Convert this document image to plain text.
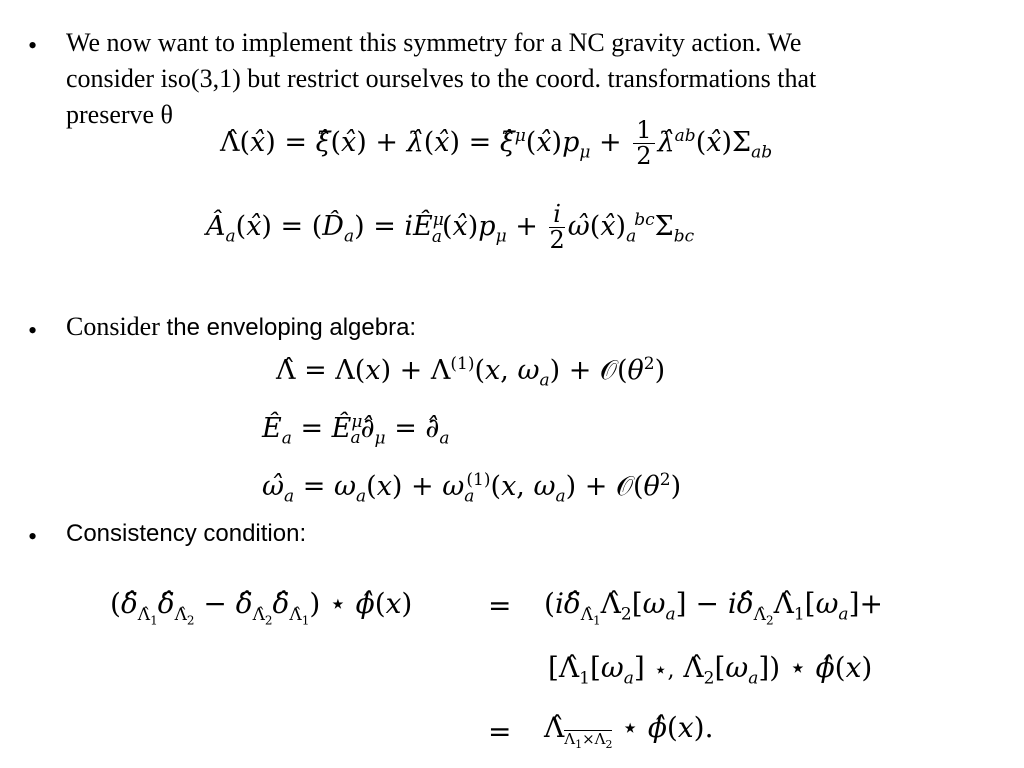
• We now want to implement this symmetry for a NC gravity action. We
consider iso(3,1) but restrict ourselves to the coord. transformations that
preserve θ
Λ̂(x̂) = ξ̂(x̂) + λ̂(x̂) = $\xî^\mu(x̂)p_\mu + \frac{1}{2}$ $\lambdâ^{ab}(x̂)\Sigma_{ab}$
$Â_a(x̂)$ = $(D̂_a)$ = $iÊ^\mu_a(x̂)p_\mu + \frac{i}{2}$ $\omegâ(x̂)_a^{bc}\Sigma_{bc}$
• Consider the enveloping algebra:
Λ̂ = $\Lambda(x) + \Lambda^{(1)}(x$, $\omega_a$) + $𝒪(\theta^2)$
$Ê_a$ = $Ê^\mu_a\partial̂_\mu$ = $\partial̂_a$
$\omegâ_a = \omega_a(x) + \omega_a^{(1)}(x$, $\omega_a$) + $𝒪(\theta^2)$
• Consistency condition:
($\deltâ_{\Lambdâ_1}\deltâ_{\Lambdâ_2}$ − $\deltâ_{\Lambdâ_2}\deltâ_{\Lambdâ_1}$) ⋆ ϕ̂(x)	= ($i\deltâ_{\Lambdâ_1}\Lambdâ_2[\omega_a]$ − $i\deltâ_{\Lambdâ_2}\Lambdâ_1[\omega_a]+$
[$\Lambdâ_1[\omega_a]$ ⋆, $\Lambdâ_2[\omega_a]$) ⋆ ϕ̂(x)
= $\Lambdâ_{\Lambda_1\times\Lambda_2}$ ⋆ ϕ̂(x).
